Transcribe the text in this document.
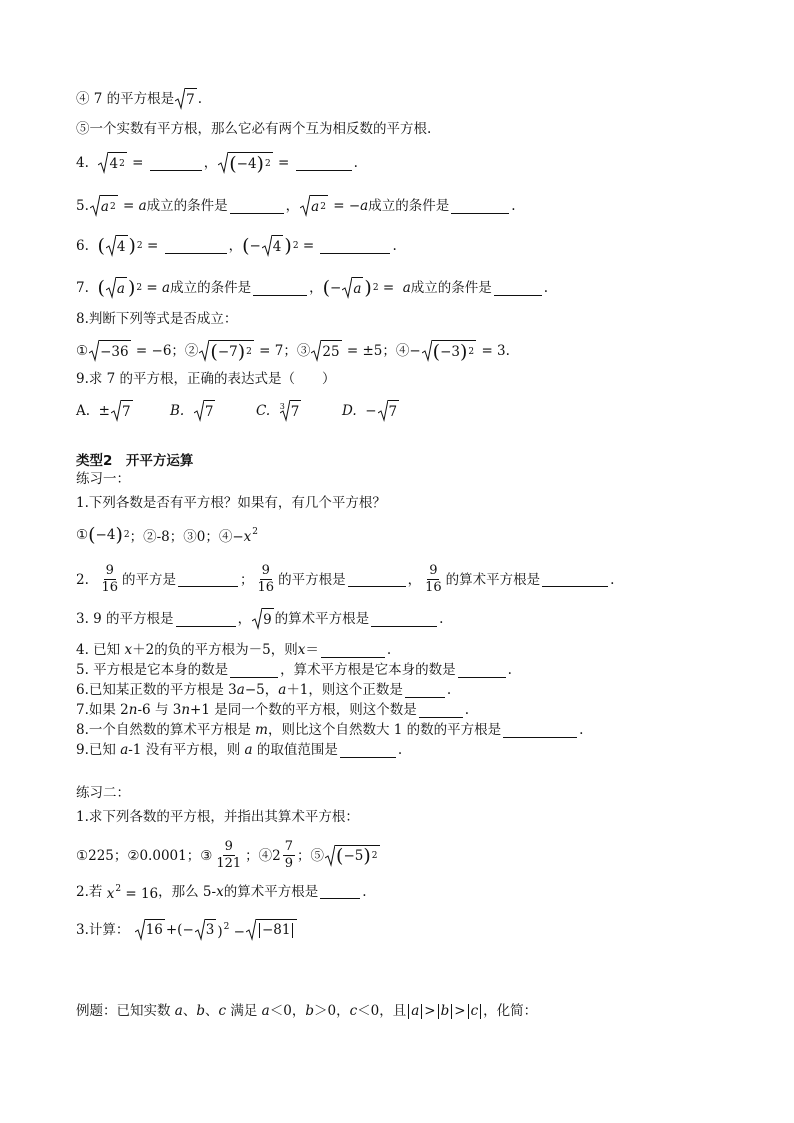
④ 7 的平方根是 7 .
⑤一个实数有平方根，那么它必有两个互为相反数的平方根.
4.
4 2 =	， ( −4 ) 2 =	.
5. a 2 = a 成立的条件是	， a 2 = −a 成立的条件是	.
6.
( 4 ) 2 =	， ( − 4 ) 2 =	.
7.
( a ) 2 = a 成立的条件是	， ( − a ) 2 =  a 成立的条件是	.
8.判断下列等式是否成立：
① −36 = −6；② ( −7 ) 2 = 7；③ 25 = ±5；④− ( −3 ) 2 = 3.
9.求 7 的平方根，正确的表达式是（　　）
A. ± 7	B.
7	C.
3 7	D. − 7
类型2　开平方运算
练习一：
1.下列各数是否有平方根？如果有，有几个平方根？
① ( −4 ) 2 ；②-8；③0；$④-x^2$
2.
$\frac{9}{16}$ 的平方是	； $\frac{9}{16}$ 的平方根是	， $\frac{9}{16}$ 的算术平方根是	.
3. 9 的平方根是	， 9 的算术平方根是	.
4. 已知 x＋2 的负的平方根为－5，则 x ＝	.
5. 平方根是它本身的数是	，算术平方根是它本身的数是	.
6.已知某正数的平方根是 3a−5，a＋1 ，则这个正数是	.
7.如果 2n-6 与 3n+1 是同一个数的平方根，则这个数是	.
8.一个自然数的算术平方根是 m ，则比这个自然数大 1 的数的平方根是	.
9.已知 a-1 没有平方根，则 a 的取值范围是	.
练习二：
1.求下列各数的平方根，并指出其算术平方根：
①225；②0.0001；③ $\frac{9}{121}$ ；④2 $\frac{7}{9}$ ；⑤ ( −5 ) 2
2.若 $x^2 = 16$ ，那么 5- x 的算术平方根是	.
3.计算：
16 +(− 3 )$^2$ − −81
例题：已知实数 a、b、c 满足 a＜0，b＞0，c＜0 ，且 a > b > c ，化简：
